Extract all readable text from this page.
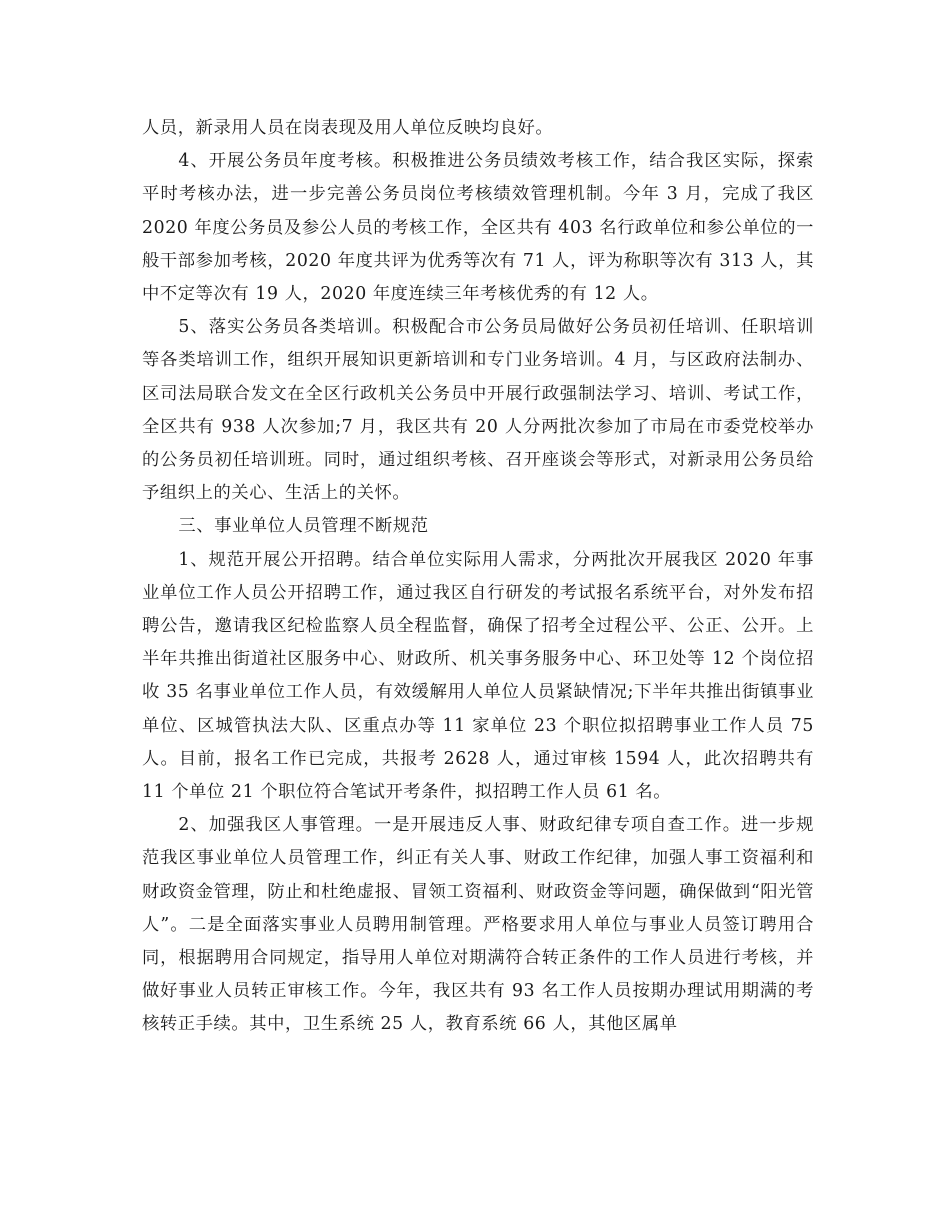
人员，新录用人员在岗表现及用人单位反映均良好。

4、开展公务员年度考核。积极推进公务员绩效考核工作，结合我区实际，探索平时考核办法，进一步完善公务员岗位考核绩效管理机制。今年 3 月，完成了我区 2020 年度公务员及参公人员的考核工作，全区共有 403 名行政单位和参公单位的一般干部参加考核，2020 年度共评为优秀等次有 71 人，评为称职等次有 313 人，其中不定等次有 19 人，2020 年度连续三年考核优秀的有 12 人。

5、落实公务员各类培训。积极配合市公务员局做好公务员初任培训、任职培训等各类培训工作，组织开展知识更新培训和专门业务培训。4 月，与区政府法制办、区司法局联合发文在全区行政机关公务员中开展行政强制法学习、培训、考试工作，全区共有 938 人次参加;7 月，我区共有 20 人分两批次参加了市局在市委党校举办的公务员初任培训班。同时，通过组织考核、召开座谈会等形式，对新录用公务员给予组织上的关心、生活上的关怀。

三、事业单位人员管理不断规范

1、规范开展公开招聘。结合单位实际用人需求，分两批次开展我区 2020 年事业单位工作人员公开招聘工作，通过我区自行研发的考试报名系统平台，对外发布招聘公告，邀请我区纪检监察人员全程监督，确保了招考全过程公平、公正、公开。上半年共推出街道社区服务中心、财政所、机关事务服务中心、环卫处等 12 个岗位招收 35 名事业单位工作人员，有效缓解用人单位人员紧缺情况;下半年共推出街镇事业单位、区城管执法大队、区重点办等 11 家单位 23 个职位拟招聘事业工作人员 75 人。目前，报名工作已完成，共报考 2628 人，通过审核 1594 人，此次招聘共有 11 个单位 21 个职位符合笔试开考条件，拟招聘工作人员 61 名。

2、加强我区人事管理。一是开展违反人事、财政纪律专项自查工作。进一步规范我区事业单位人员管理工作，纠正有关人事、财政工作纪律，加强人事工资福利和财政资金管理，防止和杜绝虚报、冒领工资福利、财政资金等问题，确保做到“阳光管人”。二是全面落实事业人员聘用制管理。严格要求用人单位与事业人员签订聘用合同，根据聘用合同规定，指导用人单位对期满符合转正条件的工作人员进行考核，并做好事业人员转正审核工作。今年，我区共有 93 名工作人员按期办理试用期满的考核转正手续。其中，卫生系统 25 人，教育系统 66 人，其他区属单
